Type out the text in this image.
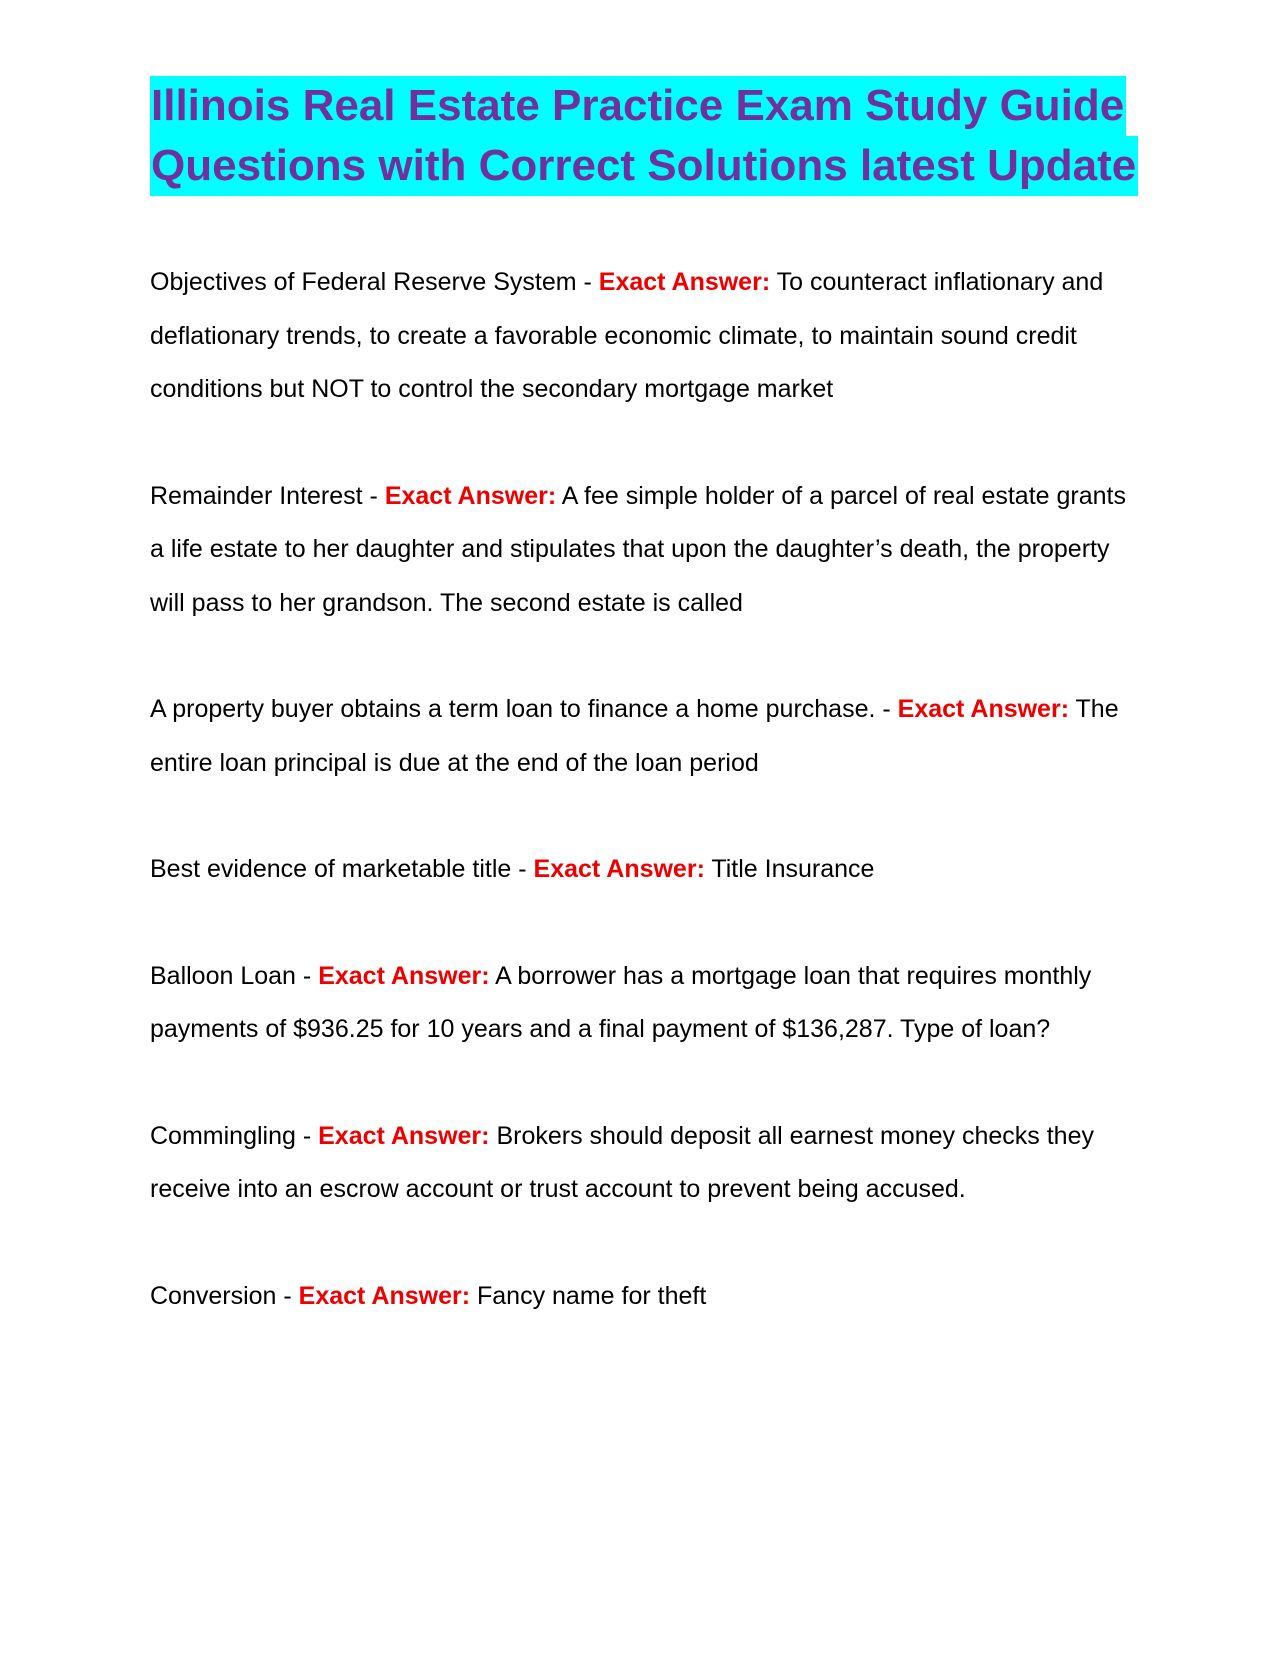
Illinois Real Estate Practice Exam Study Guide
Questions with Correct Solutions latest Update

Objectives of Federal Reserve System - Exact Answer: To counteract inflationary and deflationary trends, to create a favorable economic climate, to maintain sound credit conditions but NOT to control the secondary mortgage market

Remainder Interest - Exact Answer: A fee simple holder of a parcel of real estate grants a life estate to her daughter and stipulates that upon the daughter’s death, the property will pass to her grandson. The second estate is called

A property buyer obtains a term loan to finance a home purchase. - Exact Answer: The entire loan principal is due at the end of the loan period

Best evidence of marketable title - Exact Answer: Title Insurance

Balloon Loan - Exact Answer: A borrower has a mortgage loan that requires monthly payments of $936.25 for 10 years and a final payment of $136,287. Type of loan?

Commingling - Exact Answer: Brokers should deposit all earnest money checks they receive into an escrow account or trust account to prevent being accused.

Conversion - Exact Answer: Fancy name for theft
